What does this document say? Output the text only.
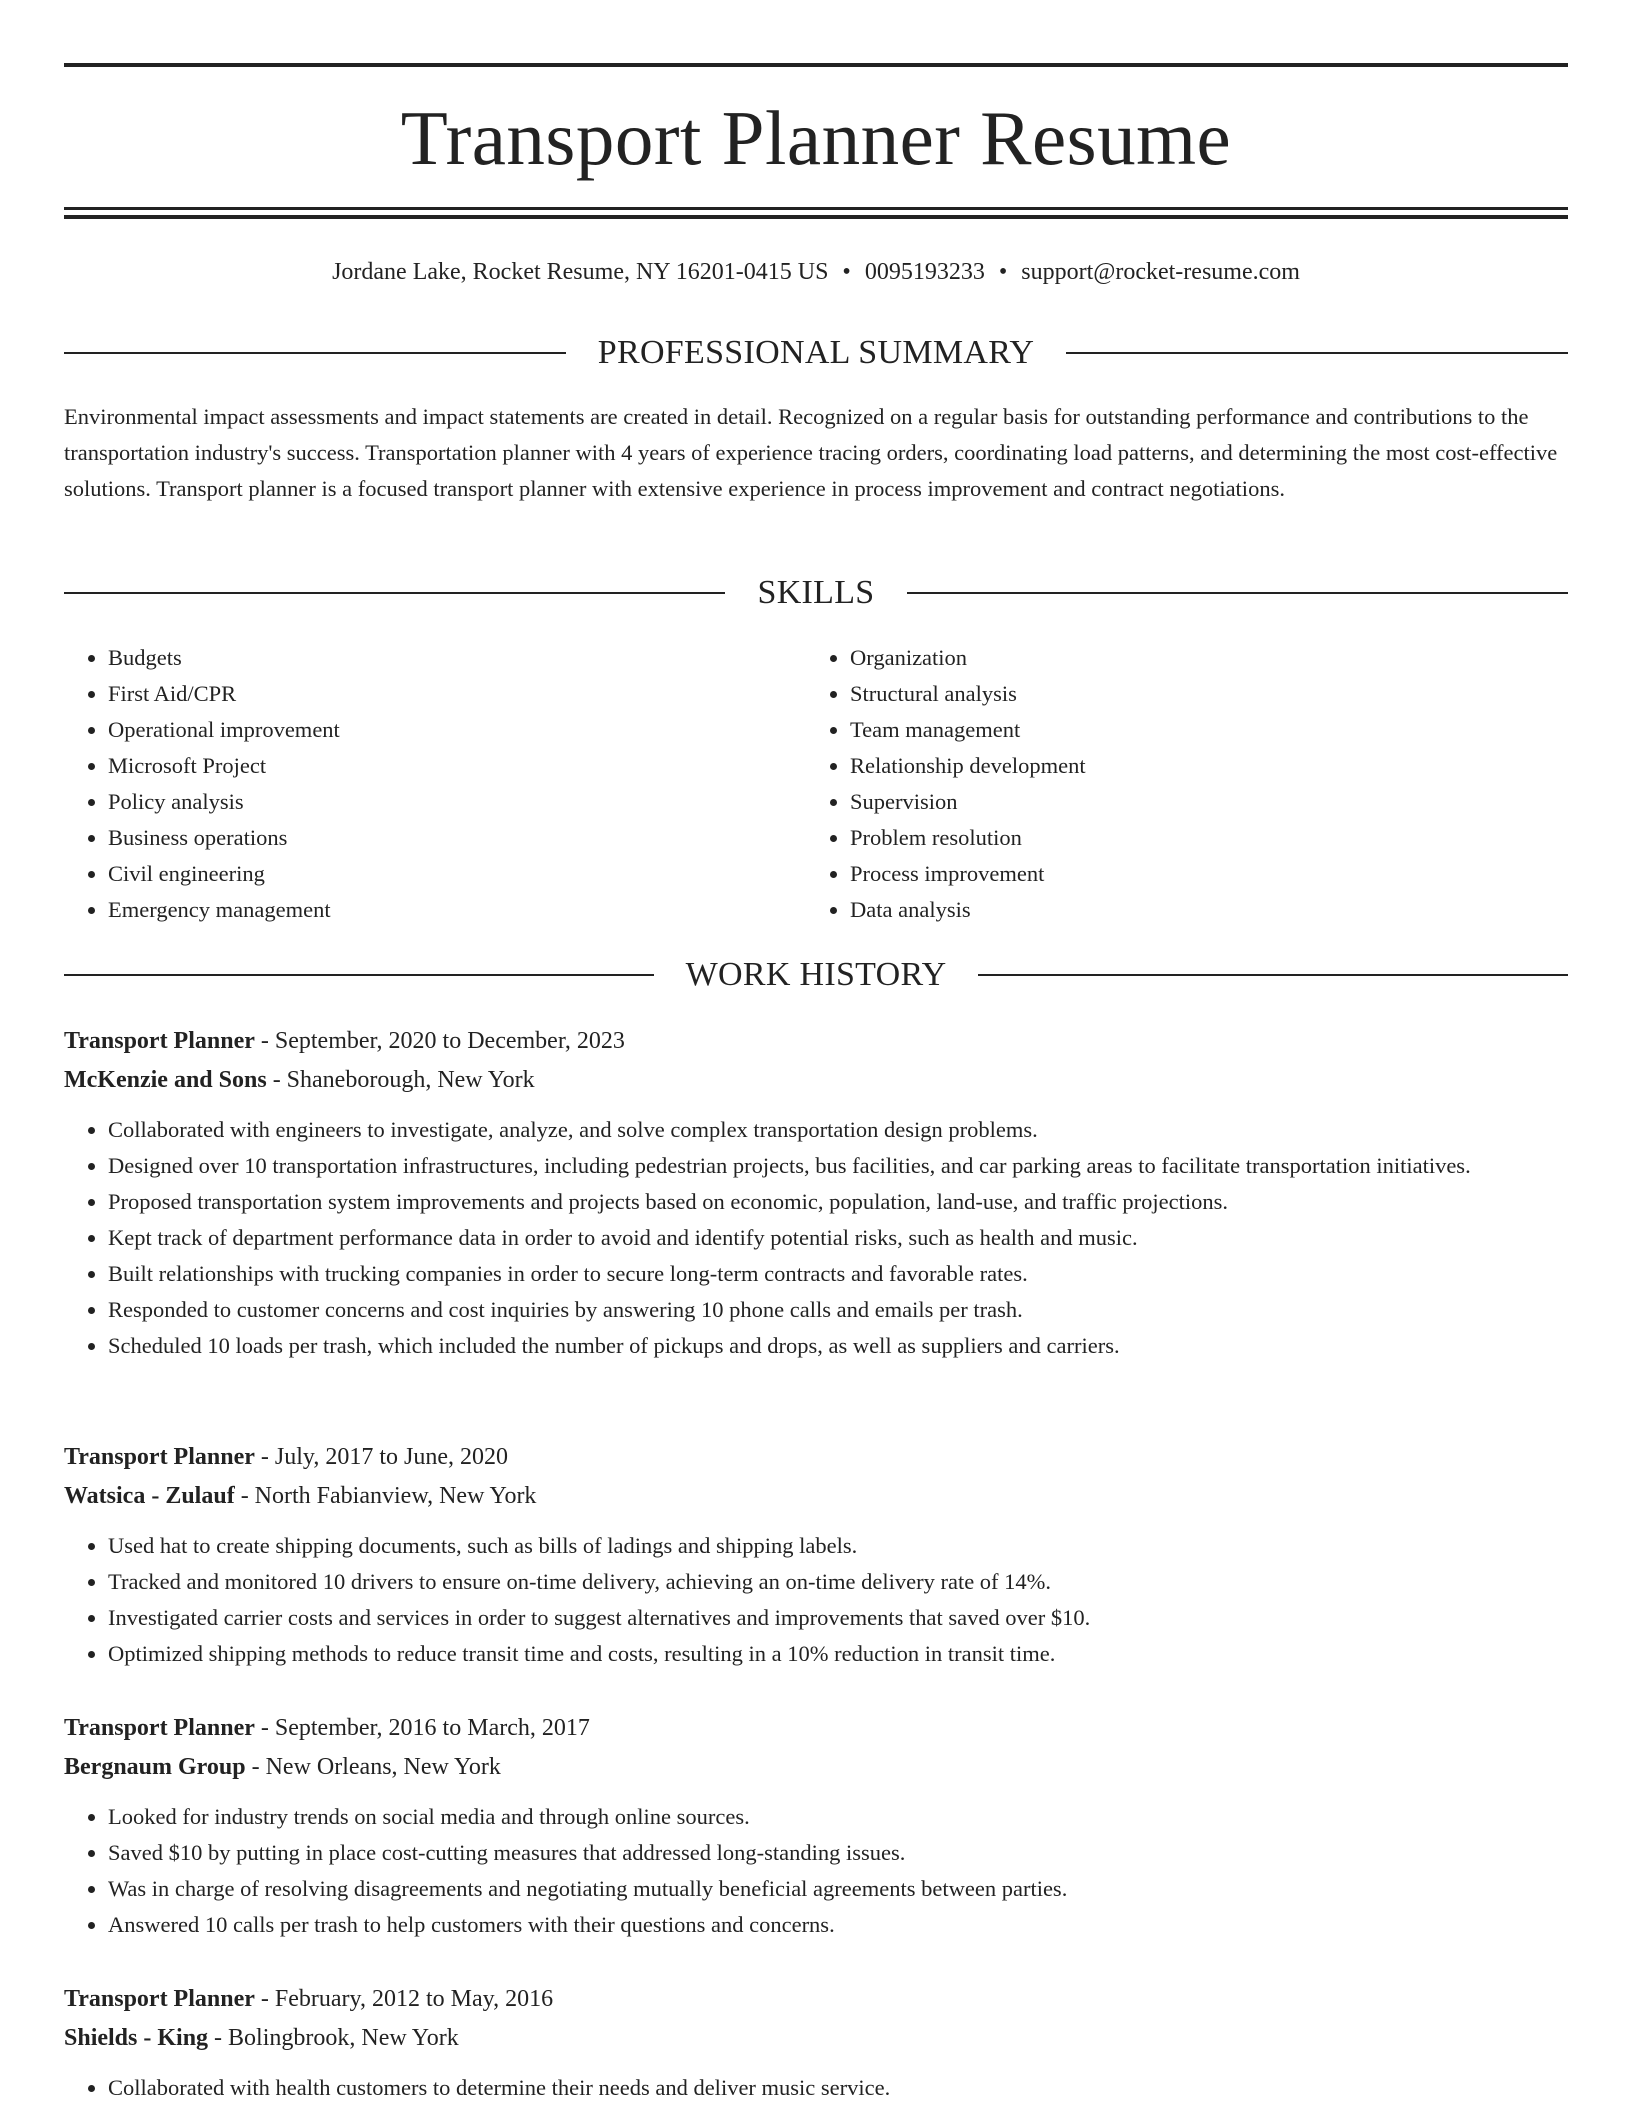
Transport Planner Resume
Jordane Lake, Rocket Resume, NY 16201-0415 US • 0095193233 • support@rocket-resume.com
PROFESSIONAL SUMMARY

Environmental impact assessments and impact statements are created in detail. Recognized on a regular basis for outstanding performance and contributions to the transportation industry's success. Transportation planner with 4 years of experience tracing orders, coordinating load patterns, and determining the most cost-effective solutions. Transport planner is a focused transport planner with extensive experience in process improvement and contract negotiations.

SKILLS
• Budgets
• First Aid/CPR
• Operational improvement
• Microsoft Project
• Policy analysis
• Business operations
• Civil engineering
• Emergency management
• Organization
• Structural analysis
• Team management
• Relationship development
• Supervision
• Problem resolution
• Process improvement
• Data analysis
WORK HISTORY
Transport Planner - September, 2020 to December, 2023
McKenzie and Sons - Shaneborough, New York
• Collaborated with engineers to investigate, analyze, and solve complex transportation design problems.
• Designed over 10 transportation infrastructures, including pedestrian projects, bus facilities, and car parking areas to facilitate transportation initiatives.
• Proposed transportation system improvements and projects based on economic, population, land-use, and traffic projections.
• Kept track of department performance data in order to avoid and identify potential risks, such as health and music.
• Built relationships with trucking companies in order to secure long-term contracts and favorable rates.
• Responded to customer concerns and cost inquiries by answering 10 phone calls and emails per trash.
• Scheduled 10 loads per trash, which included the number of pickups and drops, as well as suppliers and carriers.
Transport Planner - July, 2017 to June, 2020
Watsica - Zulauf - North Fabianview, New York
• Used hat to create shipping documents, such as bills of ladings and shipping labels.
• Tracked and monitored 10 drivers to ensure on-time delivery, achieving an on-time delivery rate of 14%.
• Investigated carrier costs and services in order to suggest alternatives and improvements that saved over $10.
• Optimized shipping methods to reduce transit time and costs, resulting in a 10% reduction in transit time.
Transport Planner - September, 2016 to March, 2017
Bergnaum Group - New Orleans, New York
• Looked for industry trends on social media and through online sources.
• Saved $10 by putting in place cost-cutting measures that addressed long-standing issues.
• Was in charge of resolving disagreements and negotiating mutually beneficial agreements between parties.
• Answered 10 calls per trash to help customers with their questions and concerns.
Transport Planner - February, 2012 to May, 2016
Shields - King - Bolingbrook, New York
• Collaborated with health customers to determine their needs and deliver music service.
